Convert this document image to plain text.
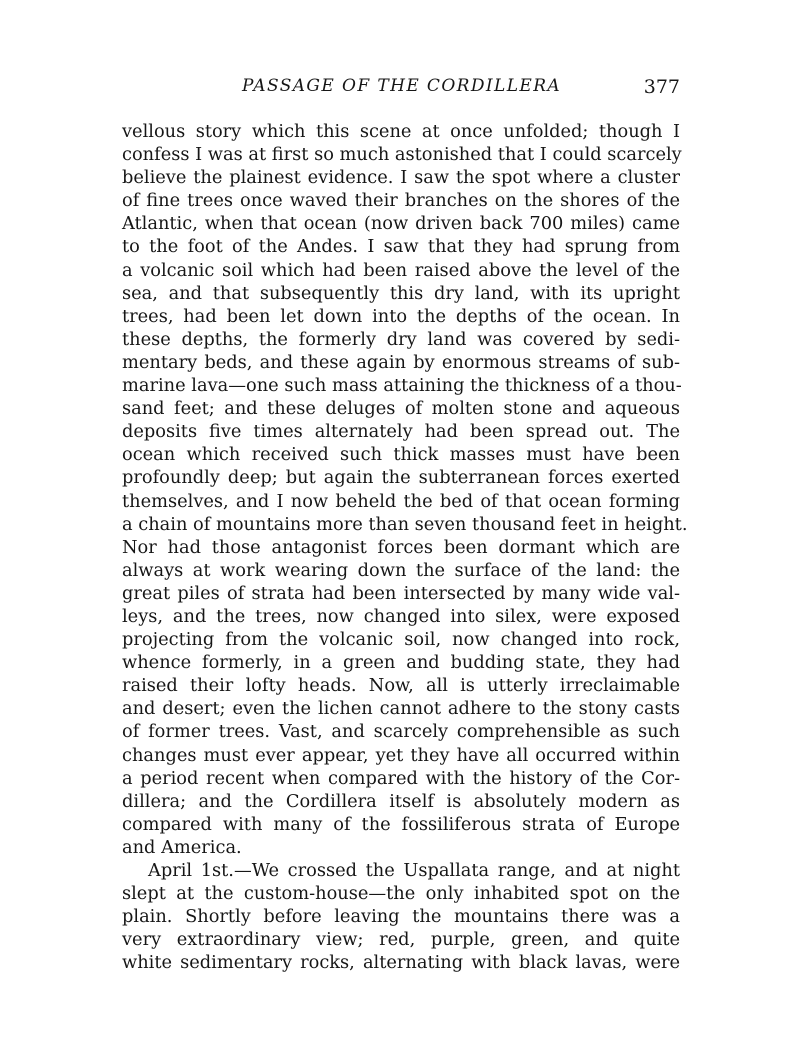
PASSAGE OF THE CORDILLERA	377
vellous story which this scene at once unfolded; though I
confess I was at first so much astonished that I could scarcely
believe the plainest evidence. I saw the spot where a cluster
of fine trees once waved their branches on the shores of the
Atlantic, when that ocean (now driven back 700 miles) came
to the foot of the Andes. I saw that they had sprung from
a volcanic soil which had been raised above the level of the
sea, and that subsequently this dry land, with its upright
trees, had been let down into the depths of the ocean. In
these depths, the formerly dry land was covered by sedi-
mentary beds, and these again by enormous streams of sub-
marine lava—one such mass attaining the thickness of a thou-
sand feet; and these deluges of molten stone and aqueous
deposits five times alternately had been spread out. The
ocean which received such thick masses must have been
profoundly deep; but again the subterranean forces exerted
themselves, and I now beheld the bed of that ocean forming
a chain of mountains more than seven thousand feet in height.
Nor had those antagonist forces been dormant which are
always at work wearing down the surface of the land: the
great piles of strata had been intersected by many wide val-
leys, and the trees, now changed into silex, were exposed
projecting from the volcanic soil, now changed into rock,
whence formerly, in a green and budding state, they had
raised their lofty heads. Now, all is utterly irreclaimable
and desert; even the lichen cannot adhere to the stony casts
of former trees. Vast, and scarcely comprehensible as such
changes must ever appear, yet they have all occurred within
a period recent when compared with the history of the Cor-
dillera; and the Cordillera itself is absolutely modern as
compared with many of the fossiliferous strata of Europe
and America.
April 1st.—We crossed the Uspallata range, and at night
slept at the custom-house—the only inhabited spot on the
plain. Shortly before leaving the mountains there was a
very extraordinary view; red, purple, green, and quite
white sedimentary rocks, alternating with black lavas, were
